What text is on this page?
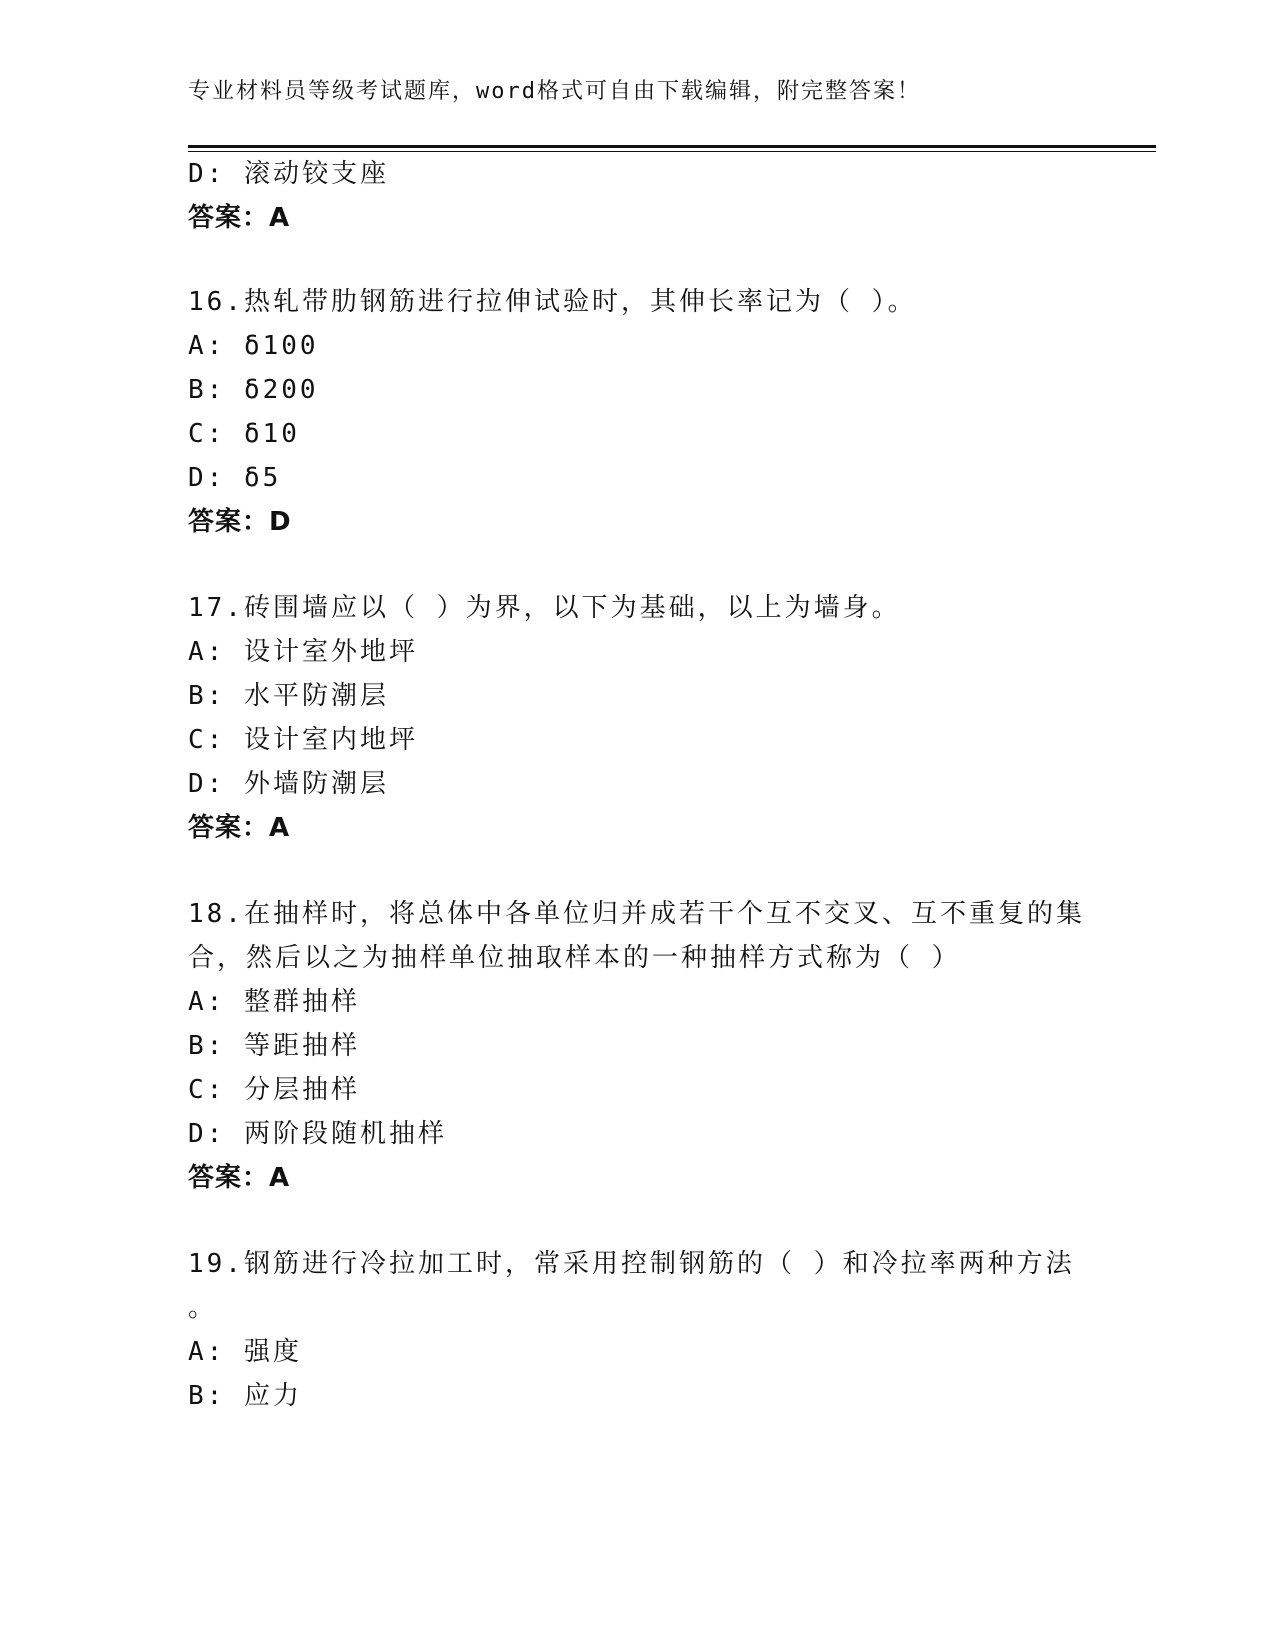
专业材料员等级考试题库，word格式可自由下载编辑，附完整答案！
D: 滚动铰支座
答案：A
16.热轧带肋钢筋进行拉伸试验时，其伸长率记为（ ）。
A: δ100
B: δ200
C: δ10
D: δ5
答案：D
17.砖围墙应以（ ）为界，以下为基础，以上为墙身。
A: 设计室外地坪
B: 水平防潮层
C: 设计室内地坪
D: 外墙防潮层
答案：A
18.在抽样时，将总体中各单位归并成若干个互不交叉、互不重复的集
合，然后以之为抽样单位抽取样本的一种抽样方式称为（ ）
A: 整群抽样
B: 等距抽样
C: 分层抽样
D: 两阶段随机抽样
答案：A
19.钢筋进行冷拉加工时，常采用控制钢筋的（ ）和冷拉率两种方法
。
A: 强度
B: 应力
